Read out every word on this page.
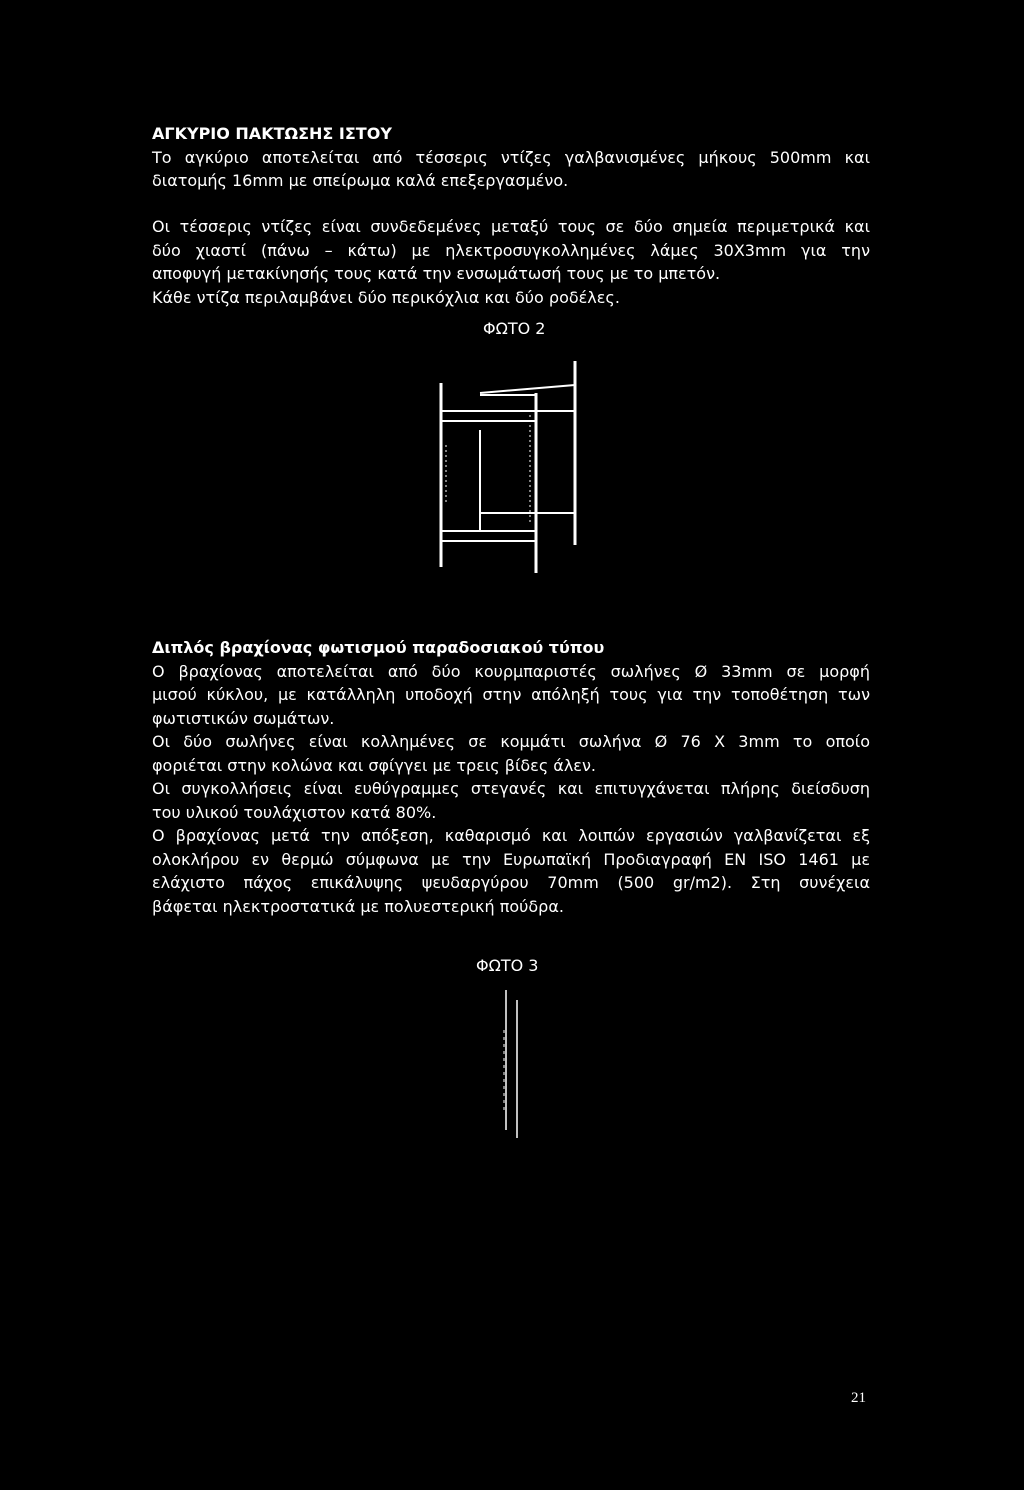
ΑΓΚΥΡΙΟ ΠΑΚΤΩΣΗΣ ΙΣΤΟΥ
Το αγκύριο αποτελείται από τέσσερις ντίζες γαλβανισμένες μήκους 500mm και
διατομής 16mm με σπείρωμα καλά επεξεργασμένο.
Οι τέσσερις ντίζες είναι συνδεδεμένες μεταξύ τους σε δύο σημεία περιμετρικά και
δύο χιαστί (πάνω – κάτω) με ηλεκτροσυγκολλημένες λάμες 30Χ3mm για την
αποφυγή μετακίνησής τους κατά την ενσωμάτωσή τους με το μπετόν.
Κάθε ντίζα περιλαμβάνει δύο περικόχλια και δύο ροδέλες.
ΦΩΤΟ 2
Διπλός βραχίονας φωτισμού παραδοσιακού τύπου
Ο βραχίονας αποτελείται από δύο κουρμπαριστές σωλήνες Ø 33mm σε μορφή
μισού κύκλου, με κατάλληλη υποδοχή στην απόληξή τους για την τοποθέτηση των
φωτιστικών σωμάτων.
Οι δύο σωλήνες είναι κολλημένες σε κομμάτι σωλήνα Ø 76 Χ 3mm το οποίο
φοριέται στην κολώνα και σφίγγει με τρεις βίδες άλεν.
Οι συγκολλήσεις είναι ευθύγραμμες στεγανές και επιτυγχάνεται πλήρης διείσδυση
του υλικού τουλάχιστον κατά 80%.
Ο βραχίονας μετά την απόξεση, καθαρισμό και λοιπών εργασιών γαλβανίζεται εξ
ολοκλήρου εν θερμώ σύμφωνα με την Ευρωπαϊκή Προδιαγραφή ΕΝ ISO 1461 με
ελάχιστο πάχος επικάλυψης ψευδαργύρου 70mm (500 gr/m2). Στη συνέχεια
βάφεται ηλεκτροστατικά με πολυεστερική πούδρα.
ΦΩΤΟ 3
21
